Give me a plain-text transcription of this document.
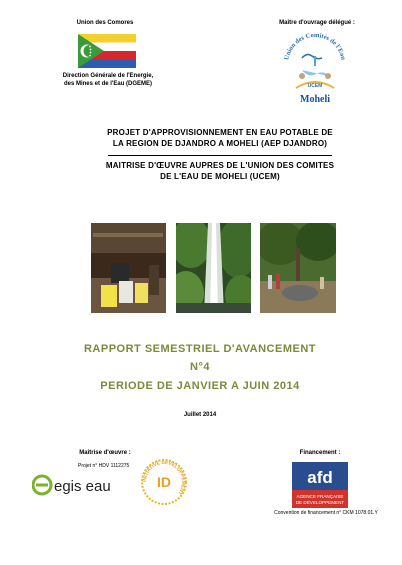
Union des Comores
Direction Générale de l'Energie,
des Mines et de l'Eau (DGEME)
Maître d'ouvrage délégué :
Union des Comités de l'Eau
UCEM
Moheli
PROJET D'APPROVISIONNEMENT EN EAU POTABLE DE
LA REGION DE DJANDRO A MOHELI (AEP DJANDRO)
MAITRISE D'ŒUVRE AUPRES DE L'UNION DES COMITES
DE L'EAU DE MOHELI (UCEM)
RAPPORT SEMESTRIEL D'AVANCEMENT
N°4
PERIODE DE JANVIER A JUIN 2014
Juillet 2014
Maîtrise d'œuvre :
Projet n° HDV 1112275
egis eau	INITIATIVE DÉVELOPPEMENT
ID
Financement :
afd
AGENCE FRANÇAISE
DE DÉVELOPPEMENT
Convention de financement n° CKM 1078.01.Y
